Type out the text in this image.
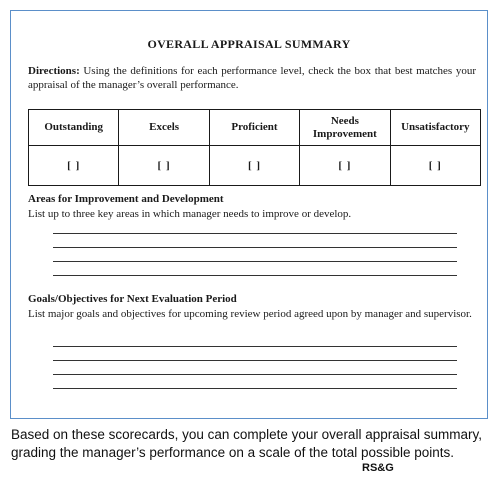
OVERALL APPRAISAL SUMMARY
Directions: Using the definitions for each performance level, check the box that best matches your appraisal of the manager’s overall performance.
Outstanding	Excels	Proficient	Needs Improvement	Unsatisfactory
[ ]	[ ]	[ ]	[ ]	[ ]
Areas for Improvement and Development
List up to three key areas in which manager needs to improve or develop.
Goals/Objectives for Next Evaluation Period
List major goals and objectives for upcoming review period agreed upon by manager and supervisor.
Based on these scorecards, you can complete your overall appraisal summary, grading the manager’s performance on a scale of the total possible points.
RS&G
